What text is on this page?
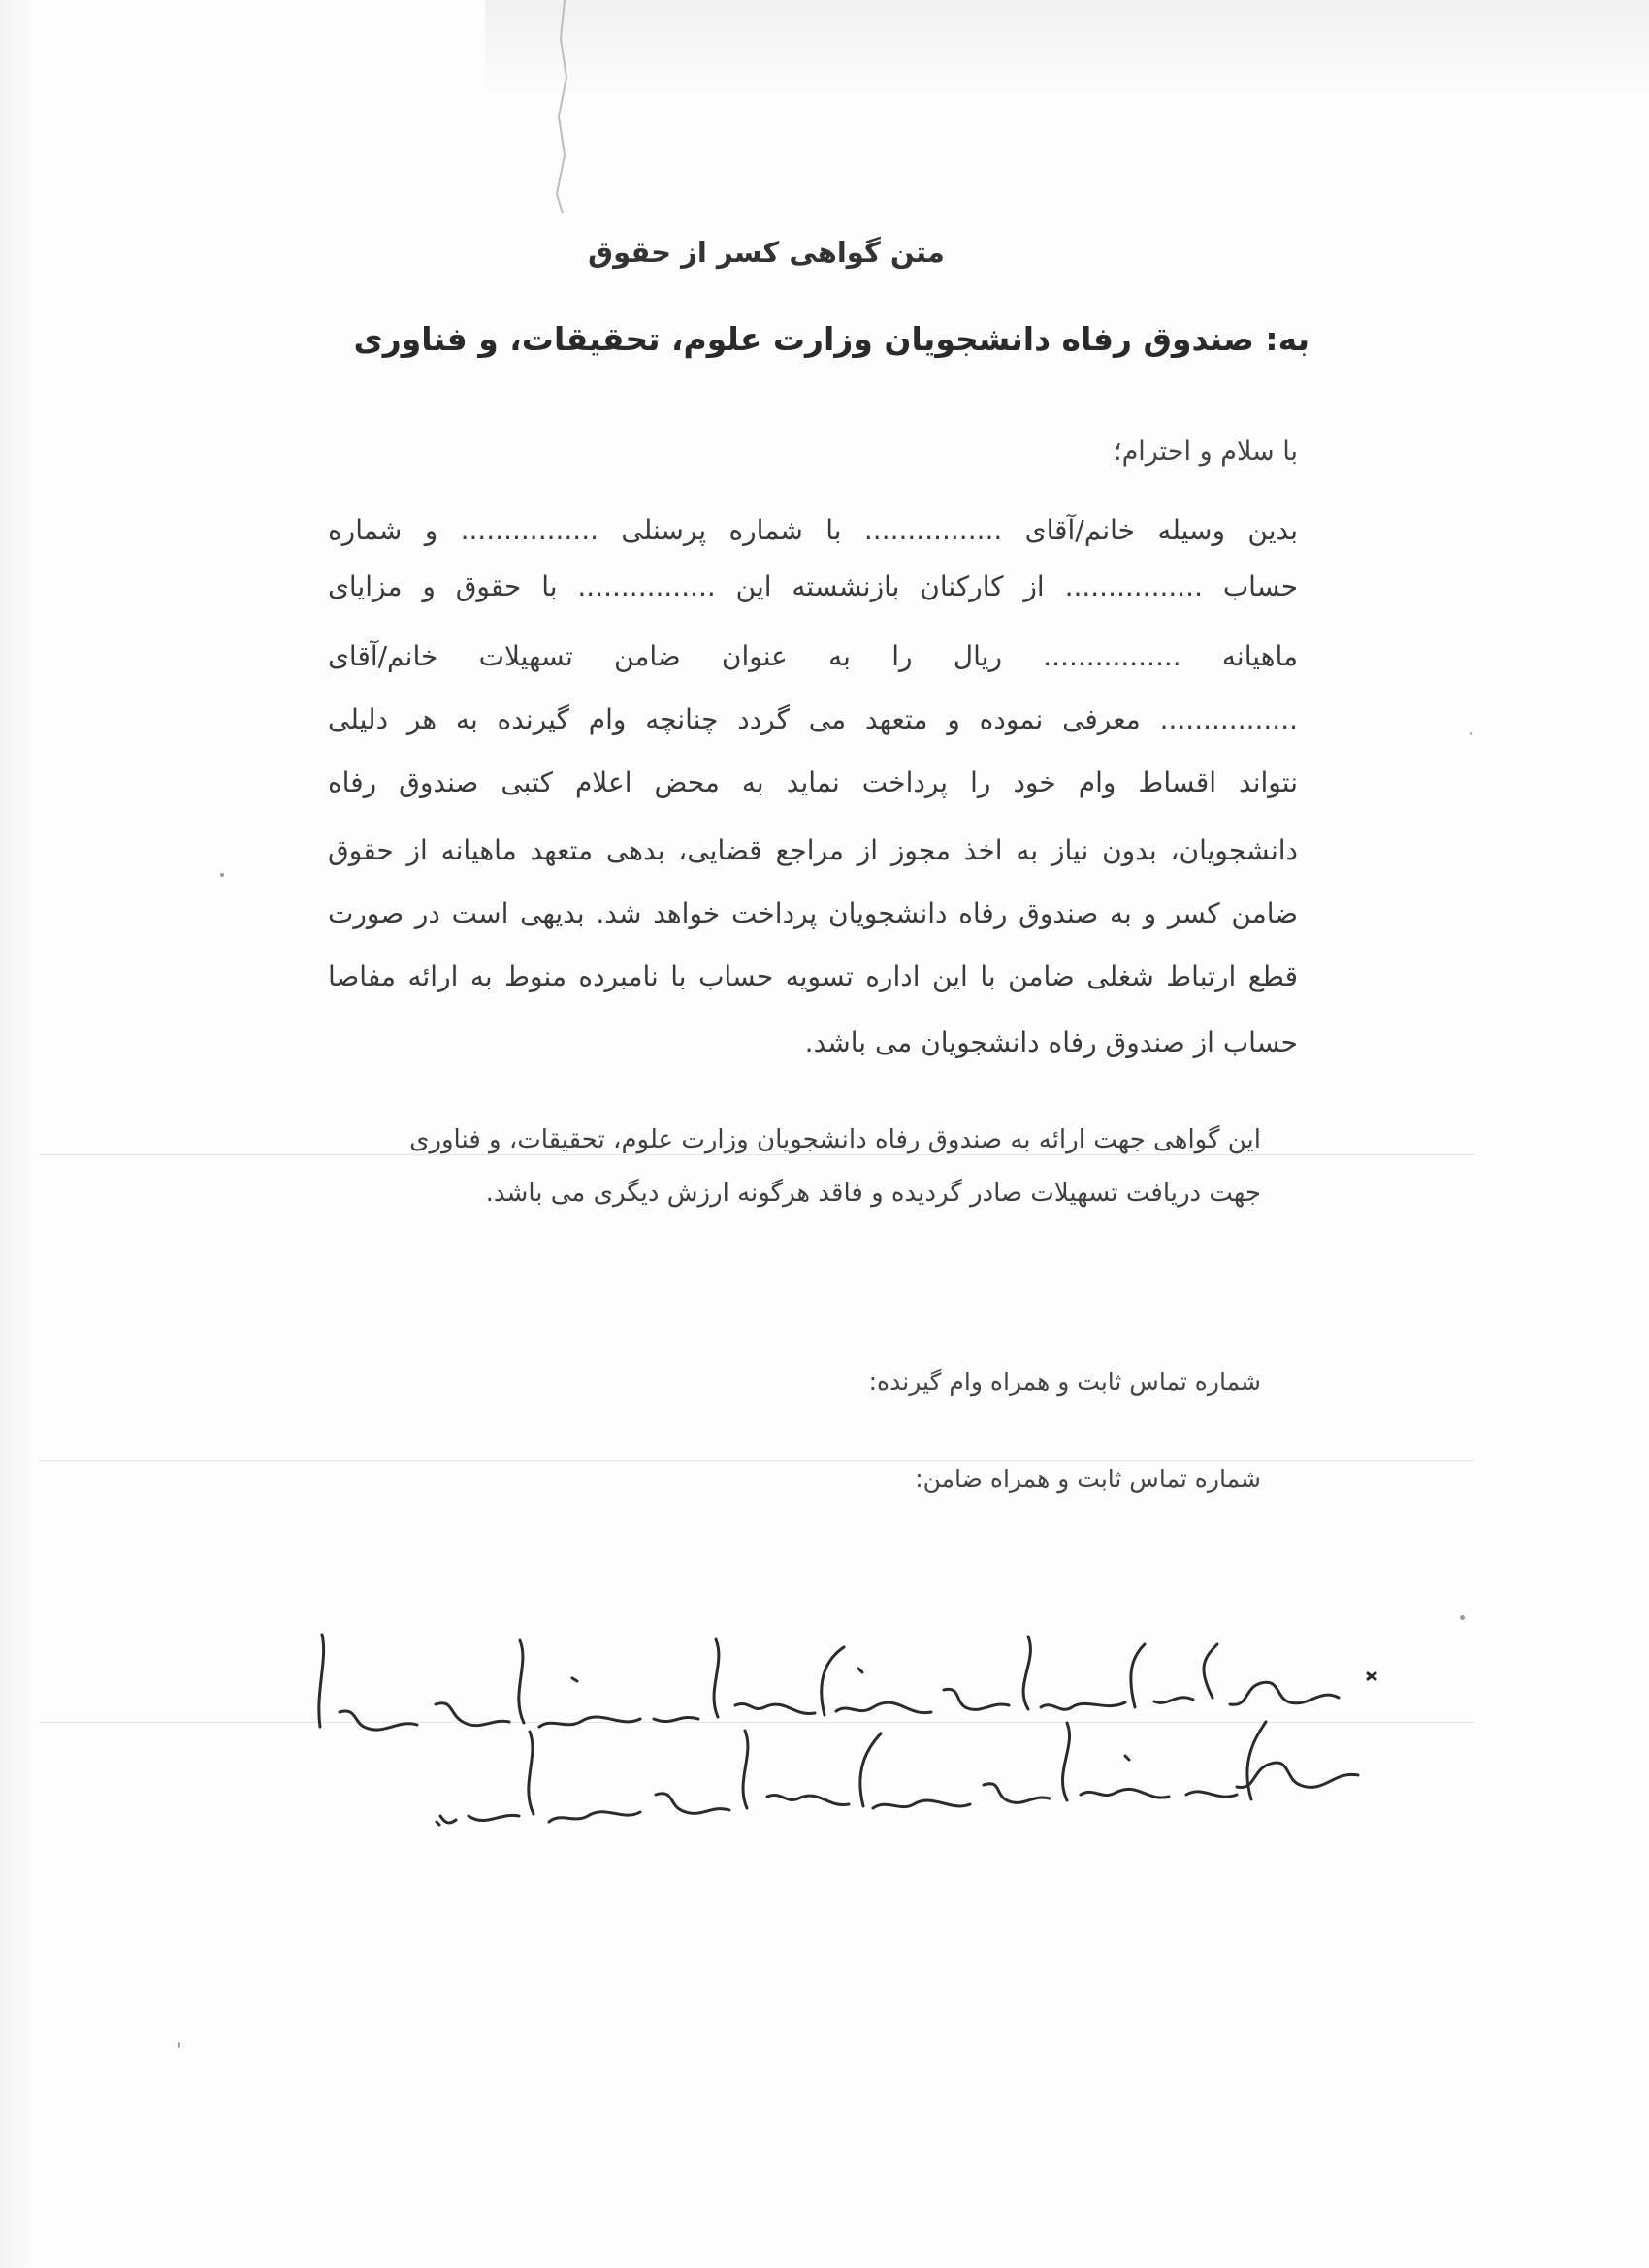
متن گواهی کسر از حقوق
به: صندوق رفاه دانشجویان وزارت علوم، تحقیقات، و فناوری
با سلام و احترام؛
بدین وسیله خانم/آقای ................ با شماره پرسنلی ................ و شماره
حساب ................ از کارکنان بازنشسته این ................ با حقوق و مزایای
ماهیانه ................ ریال را به عنوان ضامن تسهیلات خانم/آقای
................ معرفی نموده و متعهد می گردد چنانچه وام گیرنده به هر دلیلی
نتواند اقساط وام خود را پرداخت نماید به محض اعلام کتبی صندوق رفاه
دانشجویان، بدون نیاز به اخذ مجوز از مراجع قضایی، بدهی متعهد ماهیانه از حقوق
ضامن کسر و به صندوق رفاه دانشجویان پرداخت خواهد شد. بدیهی است در صورت
قطع ارتباط شغلی ضامن با این اداره تسویه حساب با نامبرده منوط به ارائه مفاصا
حساب از صندوق رفاه دانشجویان می باشد.
این گواهی جهت ارائه به صندوق رفاه دانشجویان وزارت علوم، تحقیقات، و فناوری
جهت دریافت تسهیلات صادر گردیده و فاقد هرگونه ارزش دیگری می باشد.
شماره تماس ثابت و همراه وام گیرنده:
شماره تماس ثابت و همراه ضامن:
